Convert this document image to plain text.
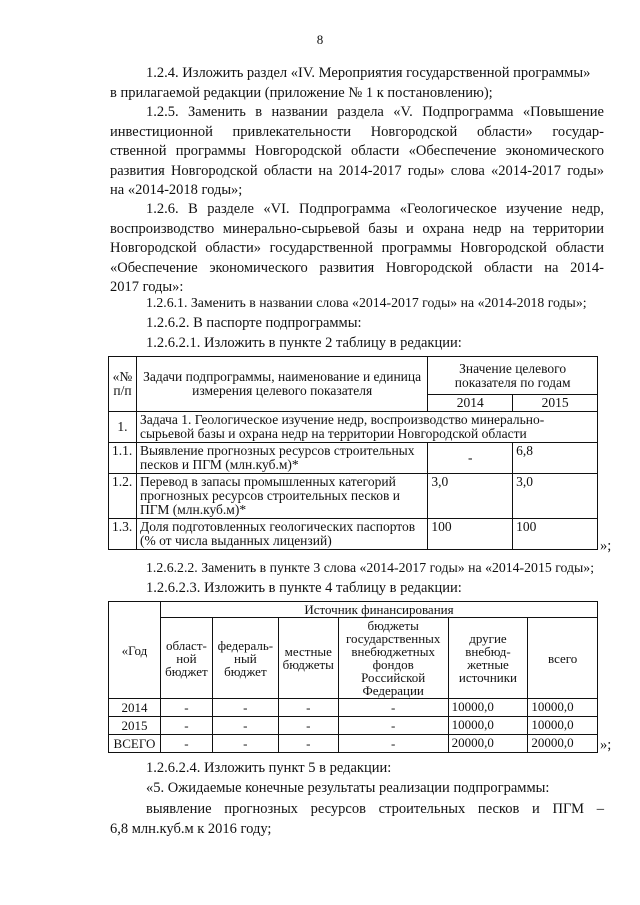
8
1.2.4. Изложить раздел «IV. Мероприятия государственной программы»
в прилагаемой редакции (приложение № 1 к постановлению);
1.2.5. Заменить в названии раздела «V. Подпрограмма «Повышение
инвестиционной привлекательности Новгородской области» государ-
ственной программы Новгородской области «Обеспечение экономического
развития Новгородской области на 2014-2017 годы» слова «2014-2017 годы»
на «2014-2018 годы»;
1.2.6. В разделе «VI. Подпрограмма «Геологическое изучение недр,
воспроизводство минерально-сырьевой базы и охрана недр на территории
Новгородской области» государственной программы Новгородской области
«Обеспечение экономического развития Новгородской области на 2014-
2017 годы»:
1.2.6.1. Заменить в названии слова «2014-2017 годы» на «2014-2018 годы»;
1.2.6.2. В паспорте подпрограммы:
1.2.6.2.1. Изложить в пункте 2 таблицу в редакции:
«№ п/п	Задачи подпрограммы, наименование и единица измерения целевого показателя	Значение целевого показателя по годам	
		2014	2015
1.	Задача 1. Геологическое изучение недр, воспроизводство минерально-сырьевой базы и охрана недр на территории Новгородской области		
1.1.	Выявление прогнозных ресурсов строительных песков и ПГМ (млн.куб.м)*	-	6,8
1.2.	Перевод в запасы промышленных категорий прогнозных ресурсов строительных песков и ПГМ (млн.куб.м)*	3,0	3,0
1.3.	Доля подготовленных геологических паспортов (% от числа выданных лицензий)	100	100
»;
1.2.6.2.2. Заменить в пункте 3 слова «2014-2017 годы» на «2014-2015 годы»;
1.2.6.2.3. Изложить в пункте 4 таблицу в редакции:
«Год	Источник финансирования					
	област-ной бюджет	федераль-ный бюджет	местные бюджеты	бюджеты государственных внебюджетных фондов Российской Федерации	другие внебюд-жетные источники	всего
2014	-	-	-	-	10000,0	10000,0
2015	-	-	-	-	10000,0	10000,0
ВСЕГО	-	-	-	-	20000,0	20000,0 »;
1.2.6.2.4. Изложить пункт 5 в редакции:
«5. Ожидаемые конечные результаты реализации подпрограммы:
выявление прогнозных ресурсов строительных песков и ПГМ –
6,8 млн.куб.м к 2016 году;
